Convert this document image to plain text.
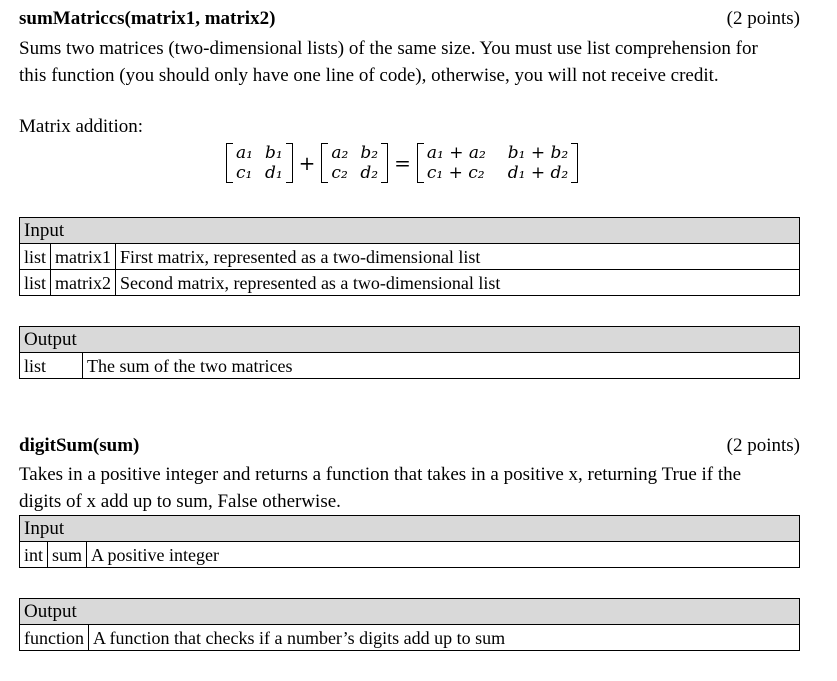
sumMatriccs(matrix1, matrix2)	(2 points)
Sums two matrices (two-dimensional lists) of the same size. You must use list comprehension for
this function (you should only have one line of code), otherwise, you will not receive credit.
Matrix addition:
a₁ b₁
c₁ d₁ + a₂ b₂
c₂ d₂ = a₁ + a₂ b₁ + b₂
c₁ + c₂ d₁ + d₂
Input		
list	matrix1	First matrix, represented as a two-dimensional list
list	matrix2	Second matrix, represented as a two-dimensional list
Output
list	The sum of the two matrices
digitSum(sum)	(2 points)
Takes in a positive integer and returns a function that takes in a positive x, returning True if the
digits of x add up to sum, False otherwise.
Input
int	sum	A positive integer
Output
function	A function that checks if a number’s digits add up to sum
